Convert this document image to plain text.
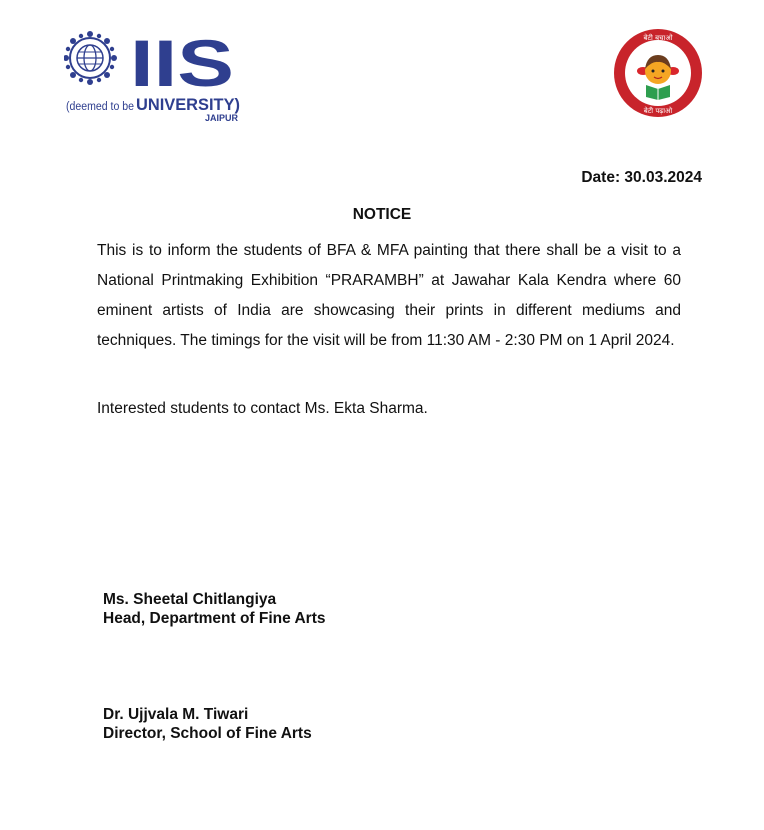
IIS
(deemed to be UNIVERSITY)
JAIPUR
बेटी बचाओ
बेटी पढ़ाओ
Date: 30.03.2024
NOTICE

This is to inform the students of BFA & MFA painting that there shall be a visit to a National Printmaking Exhibition “PRARAMBH” at Jawahar Kala Kendra where 60 eminent artists of India are showcasing their prints in different mediums and techniques. The timings for the visit will be from 11:30 AM - 2:30 PM on 1 April 2024.

Interested students to contact Ms. Ekta Sharma.
Ms. Sheetal Chitlangiya
Head, Department of Fine Arts
Dr. Ujjvala M. Tiwari
Director, School of Fine Arts
